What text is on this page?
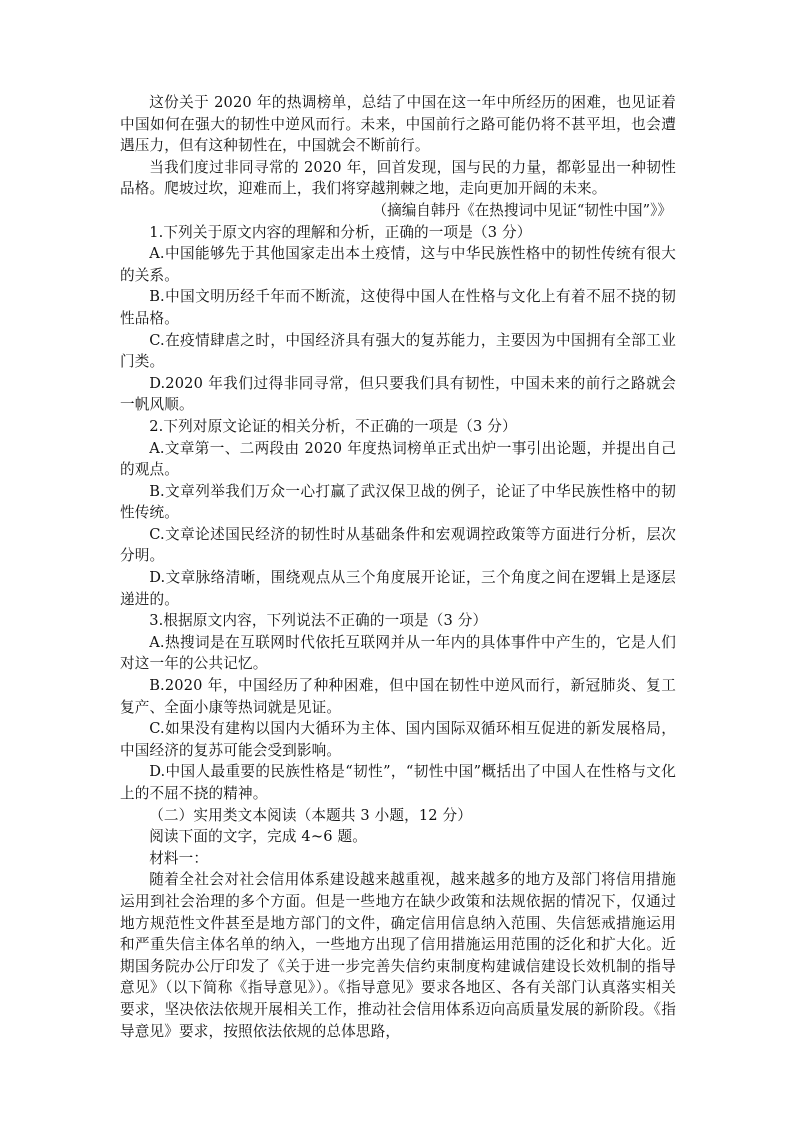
这份关于 2020 年的热调榜单，总结了中国在这一年中所经历的困难，也见证着中国如何在强大的韧性中逆风而行。未来，中国前行之路可能仍将不甚平坦，也会遭遇压力，但有这种韧性在，中国就会不断前行。

当我们度过非同寻常的 2020 年，回首发现，国与民的力量，都彰显出一种韧性品格。爬坡过坎，迎难而上，我们将穿越荆棘之地，走向更加开阔的未来。

（摘编自韩丹《在热搜词中见证“韧性中国”》》

1.下列关于原文内容的理解和分析，正确的一项是（3 分）

A.中国能够先于其他国家走出本土疫情，这与中华民族性格中的韧性传统有很大的关系。

B.中国文明历经千年而不断流，这使得中国人在性格与文化上有着不屈不挠的韧性品格。

C.在疫情肆虐之时，中国经济具有强大的复苏能力，主要因为中国拥有全部工业门类。

D.2020 年我们过得非同寻常，但只要我们具有韧性，中国未来的前行之路就会一帆风顺。

2.下列对原文论证的相关分析，不正确的一项是（3 分）

A.文章第一、二两段由 2020 年度热词榜单正式出炉一事引出论题，并提出自己的观点。

B.文章列举我们万众一心打赢了武汉保卫战的例子，论证了中华民族性格中的韧性传统。

C.文章论述国民经济的韧性时从基础条件和宏观调控政策等方面进行分析，层次分明。

D.文章脉络清晰，围绕观点从三个角度展开论证，三个角度之间在逻辑上是逐层递进的。

3.根据原文内容，下列说法不正确的一项是（3 分）

A.热搜词是在互联网时代依托互联网并从一年内的具体事件中产生的，它是人们对这一年的公共记忆。

B.2020 年，中国经历了种种困难，但中国在韧性中逆风而行，新冠肺炎、复工复产、全面小康等热词就是见证。

C.如果没有建构以国内大循环为主体、国内国际双循环相互促进的新发展格局，中国经济的复苏可能会受到影响。

D.中国人最重要的民族性格是“韧性”，“韧性中国”概括出了中国人在性格与文化上的不屈不挠的精神。

（二）实用类文本阅读（本题共 3 小题，12 分）

阅读下面的文字，完成 4~6 题。

材料一：

随着全社会对社会信用体系建设越来越重视，越来越多的地方及部门将信用措施运用到社会治理的多个方面。但是一些地方在缺少政策和法规依据的情况下，仅通过地方规范性文件甚至是地方部门的文件，确定信用信息纳入范围、失信惩戒措施运用和严重失信主体名单的纳入，一些地方出现了信用措施运用范围的泛化和扩大化。近期国务院办公厅印发了《关于进一步完善失信约束制度构建诚信建设长效机制的指导意见》（以下简称《指导意见》）。《指导意见》要求各地区、各有关部门认真落实相关要求，坚决依法依规开展相关工作，推动社会信用体系迈向高质量发展的新阶段。《指导意见》要求，按照依法依规的总体思路，
